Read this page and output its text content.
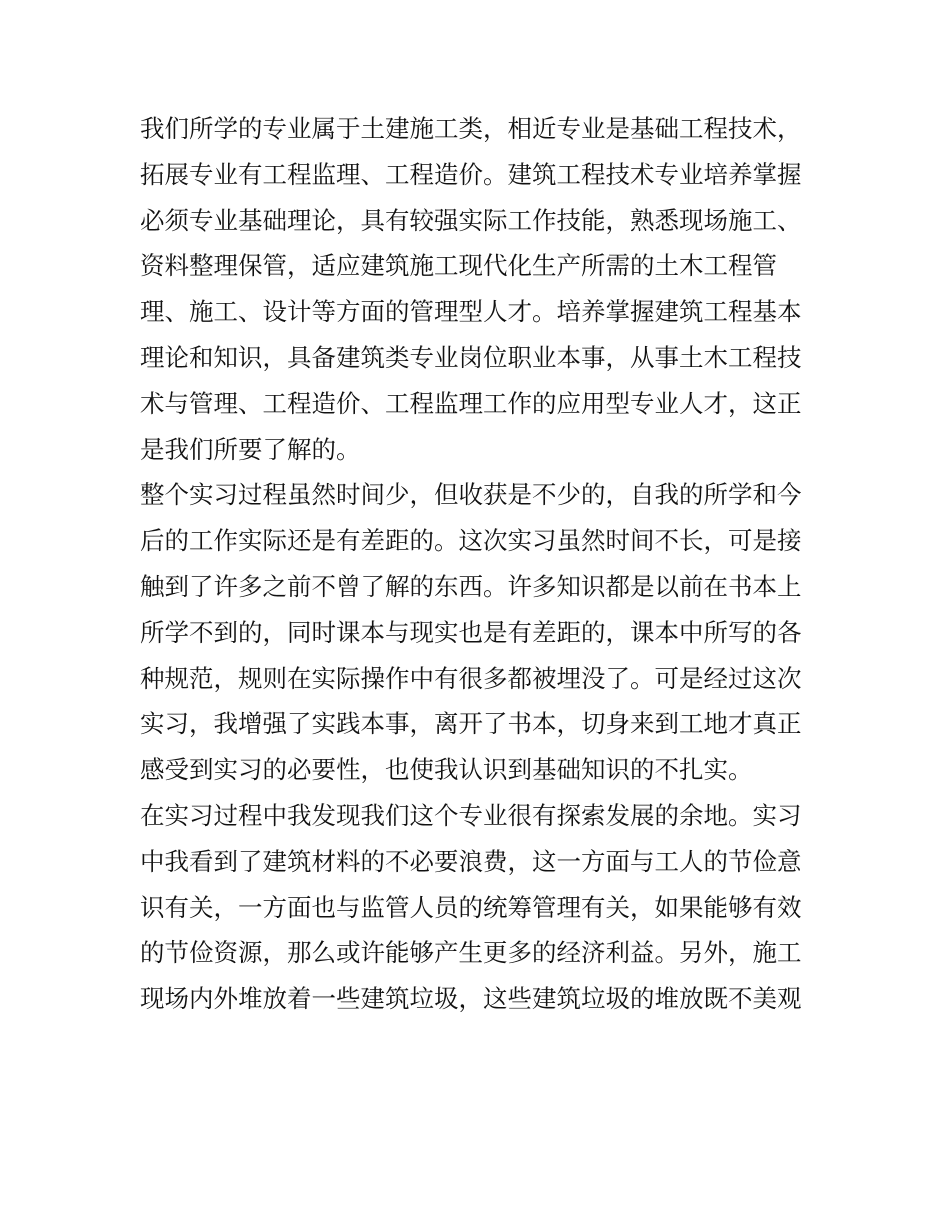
我们所学的专业属于土建施工类，相近专业是基础工程技术，
拓展专业有工程监理、工程造价。建筑工程技术专业培养掌握
必须专业基础理论，具有较强实际工作技能，熟悉现场施工、
资料整理保管，适应建筑施工现代化生产所需的土木工程管
理、施工、设计等方面的管理型人才。培养掌握建筑工程基本
理论和知识，具备建筑类专业岗位职业本事，从事土木工程技
术与管理、工程造价、工程监理工作的应用型专业人才，这正
是我们所要了解的。
整个实习过程虽然时间少，但收获是不少的，自我的所学和今
后的工作实际还是有差距的。这次实习虽然时间不长，可是接
触到了许多之前不曾了解的东西。许多知识都是以前在书本上
所学不到的，同时课本与现实也是有差距的，课本中所写的各
种规范，规则在实际操作中有很多都被埋没了。可是经过这次
实习，我增强了实践本事，离开了书本，切身来到工地才真正
感受到实习的必要性，也使我认识到基础知识的不扎实。
在实习过程中我发现我们这个专业很有探索发展的余地。实习
中我看到了建筑材料的不必要浪费，这一方面与工人的节俭意
识有关，一方面也与监管人员的统筹管理有关，如果能够有效
的节俭资源，那么或许能够产生更多的经济利益。另外，施工
现场内外堆放着一些建筑垃圾，这些建筑垃圾的堆放既不美观
